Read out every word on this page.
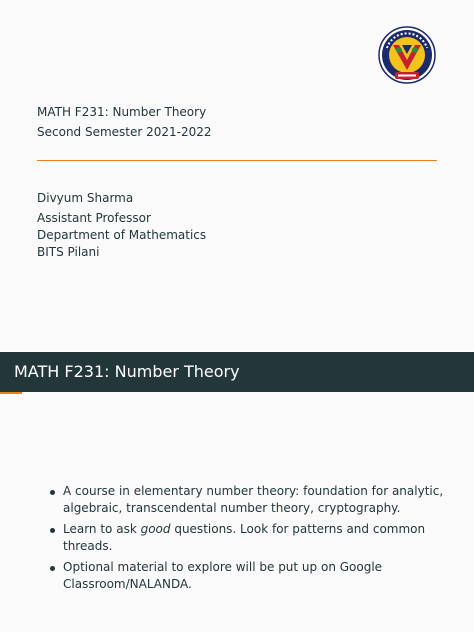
MATH F231: Number Theory
Second Semester 2021-2022
Divyum Sharma
Assistant Professor
Department of Mathematics
BITS Pilani
MATH F231: Number Theory
A course in elementary number theory: foundation for analytic, algebraic, transcendental number theory, cryptography.
Learn to ask good questions. Look for patterns and common threads.
Optional material to explore will be put up on Google Classroom/NALANDA.
